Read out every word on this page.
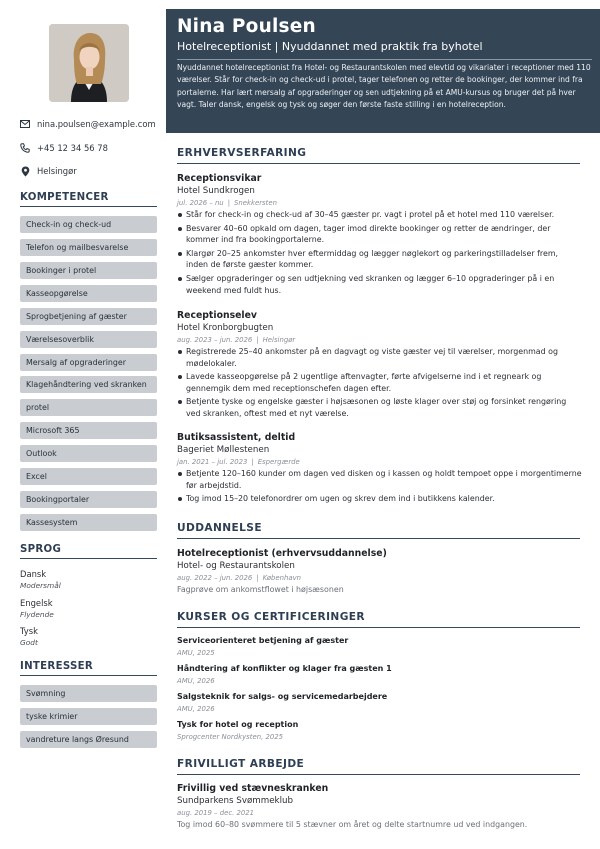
nina.poulsen@example.com
+45 12 34 56 78
Helsingør
KOMPETENCER
Check-in og check-ud
Telefon og mailbesvarelse
Bookinger i protel
Kasseopgørelse
Sprogbetjening af gæster
Værelsesoverblik
Mersalg af opgraderinger
Klagehåndtering ved skranken
protel
Microsoft 365
Outlook
Excel
Bookingportaler
Kassesystem
SPROG
Dansk
Modersmål
Engelsk
Flydende
Tysk
Godt
INTERESSER
Svømning
tyske krimier
vandreture langs Øresund
Nina Poulsen
Hotelreceptionist | Nyuddannet med praktik fra byhotel
Nyuddannet hotelreceptionist fra Hotel- og Restaurantskolen med elevtid og vikariater i receptioner med 110 værelser. Står for check-in og check-ud i protel, tager telefonen og retter de bookinger, der kommer ind fra portalerne. Har lært mersalg af opgraderinger og sen udtjekning på et AMU-kursus og bruger det på hver vagt. Taler dansk, engelsk og tysk og søger den første faste stilling i en hotelreception.
ERHVERVSERFARING
Receptionsvikar
Hotel Sundkrogen
jul. 2026 – nu | Snekkersten
Står for check-in og check-ud af 30–45 gæster pr. vagt i protel på et hotel med 110 værelser.
Besvarer 40–60 opkald om dagen, tager imod direkte bookinger og retter de ændringer, der kommer ind fra bookingportalerne.
Klargør 20–25 ankomster hver eftermiddag og lægger nøglekort og parkeringstilladelser frem, inden de første gæster kommer.
Sælger opgraderinger og sen udtjekning ved skranken og lægger 6–10 opgraderinger på i en weekend med fuldt hus.
Receptionselev
Hotel Kronborgbugten
aug. 2023 – jun. 2026 | Helsingør
Registrerede 25–40 ankomster på en dagvagt og viste gæster vej til værelser, morgenmad og mødelokaler.
Lavede kasseopgørelse på 2 ugentlige aftenvagter, førte afvigelserne ind i et regneark og gennemgik dem med receptionschefen dagen efter.
Betjente tyske og engelske gæster i højsæsonen og løste klager over støj og forsinket rengøring ved skranken, oftest med et nyt værelse.
Butiksassistent, deltid
Bageriet Møllestenen
jan. 2021 – jul. 2023 | Espergærde
Betjente 120–160 kunder om dagen ved disken og i kassen og holdt tempoet oppe i morgentimerne før arbejdstid.
Tog imod 15–20 telefonordrer om ugen og skrev dem ind i butikkens kalender.
UDDANNELSE
Hotelreceptionist (erhvervsuddannelse)
Hotel- og Restaurantskolen
aug. 2022 – jun. 2026 | København
Fagprøve om ankomstflowet i højsæsonen
KURSER OG CERTIFICERINGER
Serviceorienteret betjening af gæster
AMU, 2025
Håndtering af konflikter og klager fra gæsten 1
AMU, 2026
Salgsteknik for salgs- og servicemedarbejdere
AMU, 2026
Tysk for hotel og reception
Sprogcenter Nordkysten, 2025
FRIVILLIGT ARBEJDE
Frivillig ved stævneskranken
Sundparkens Svømmeklub
aug. 2019 – dec. 2021
Tog imod 60–80 svømmere til 5 stævner om året og delte startnumre ud ved indgangen.
